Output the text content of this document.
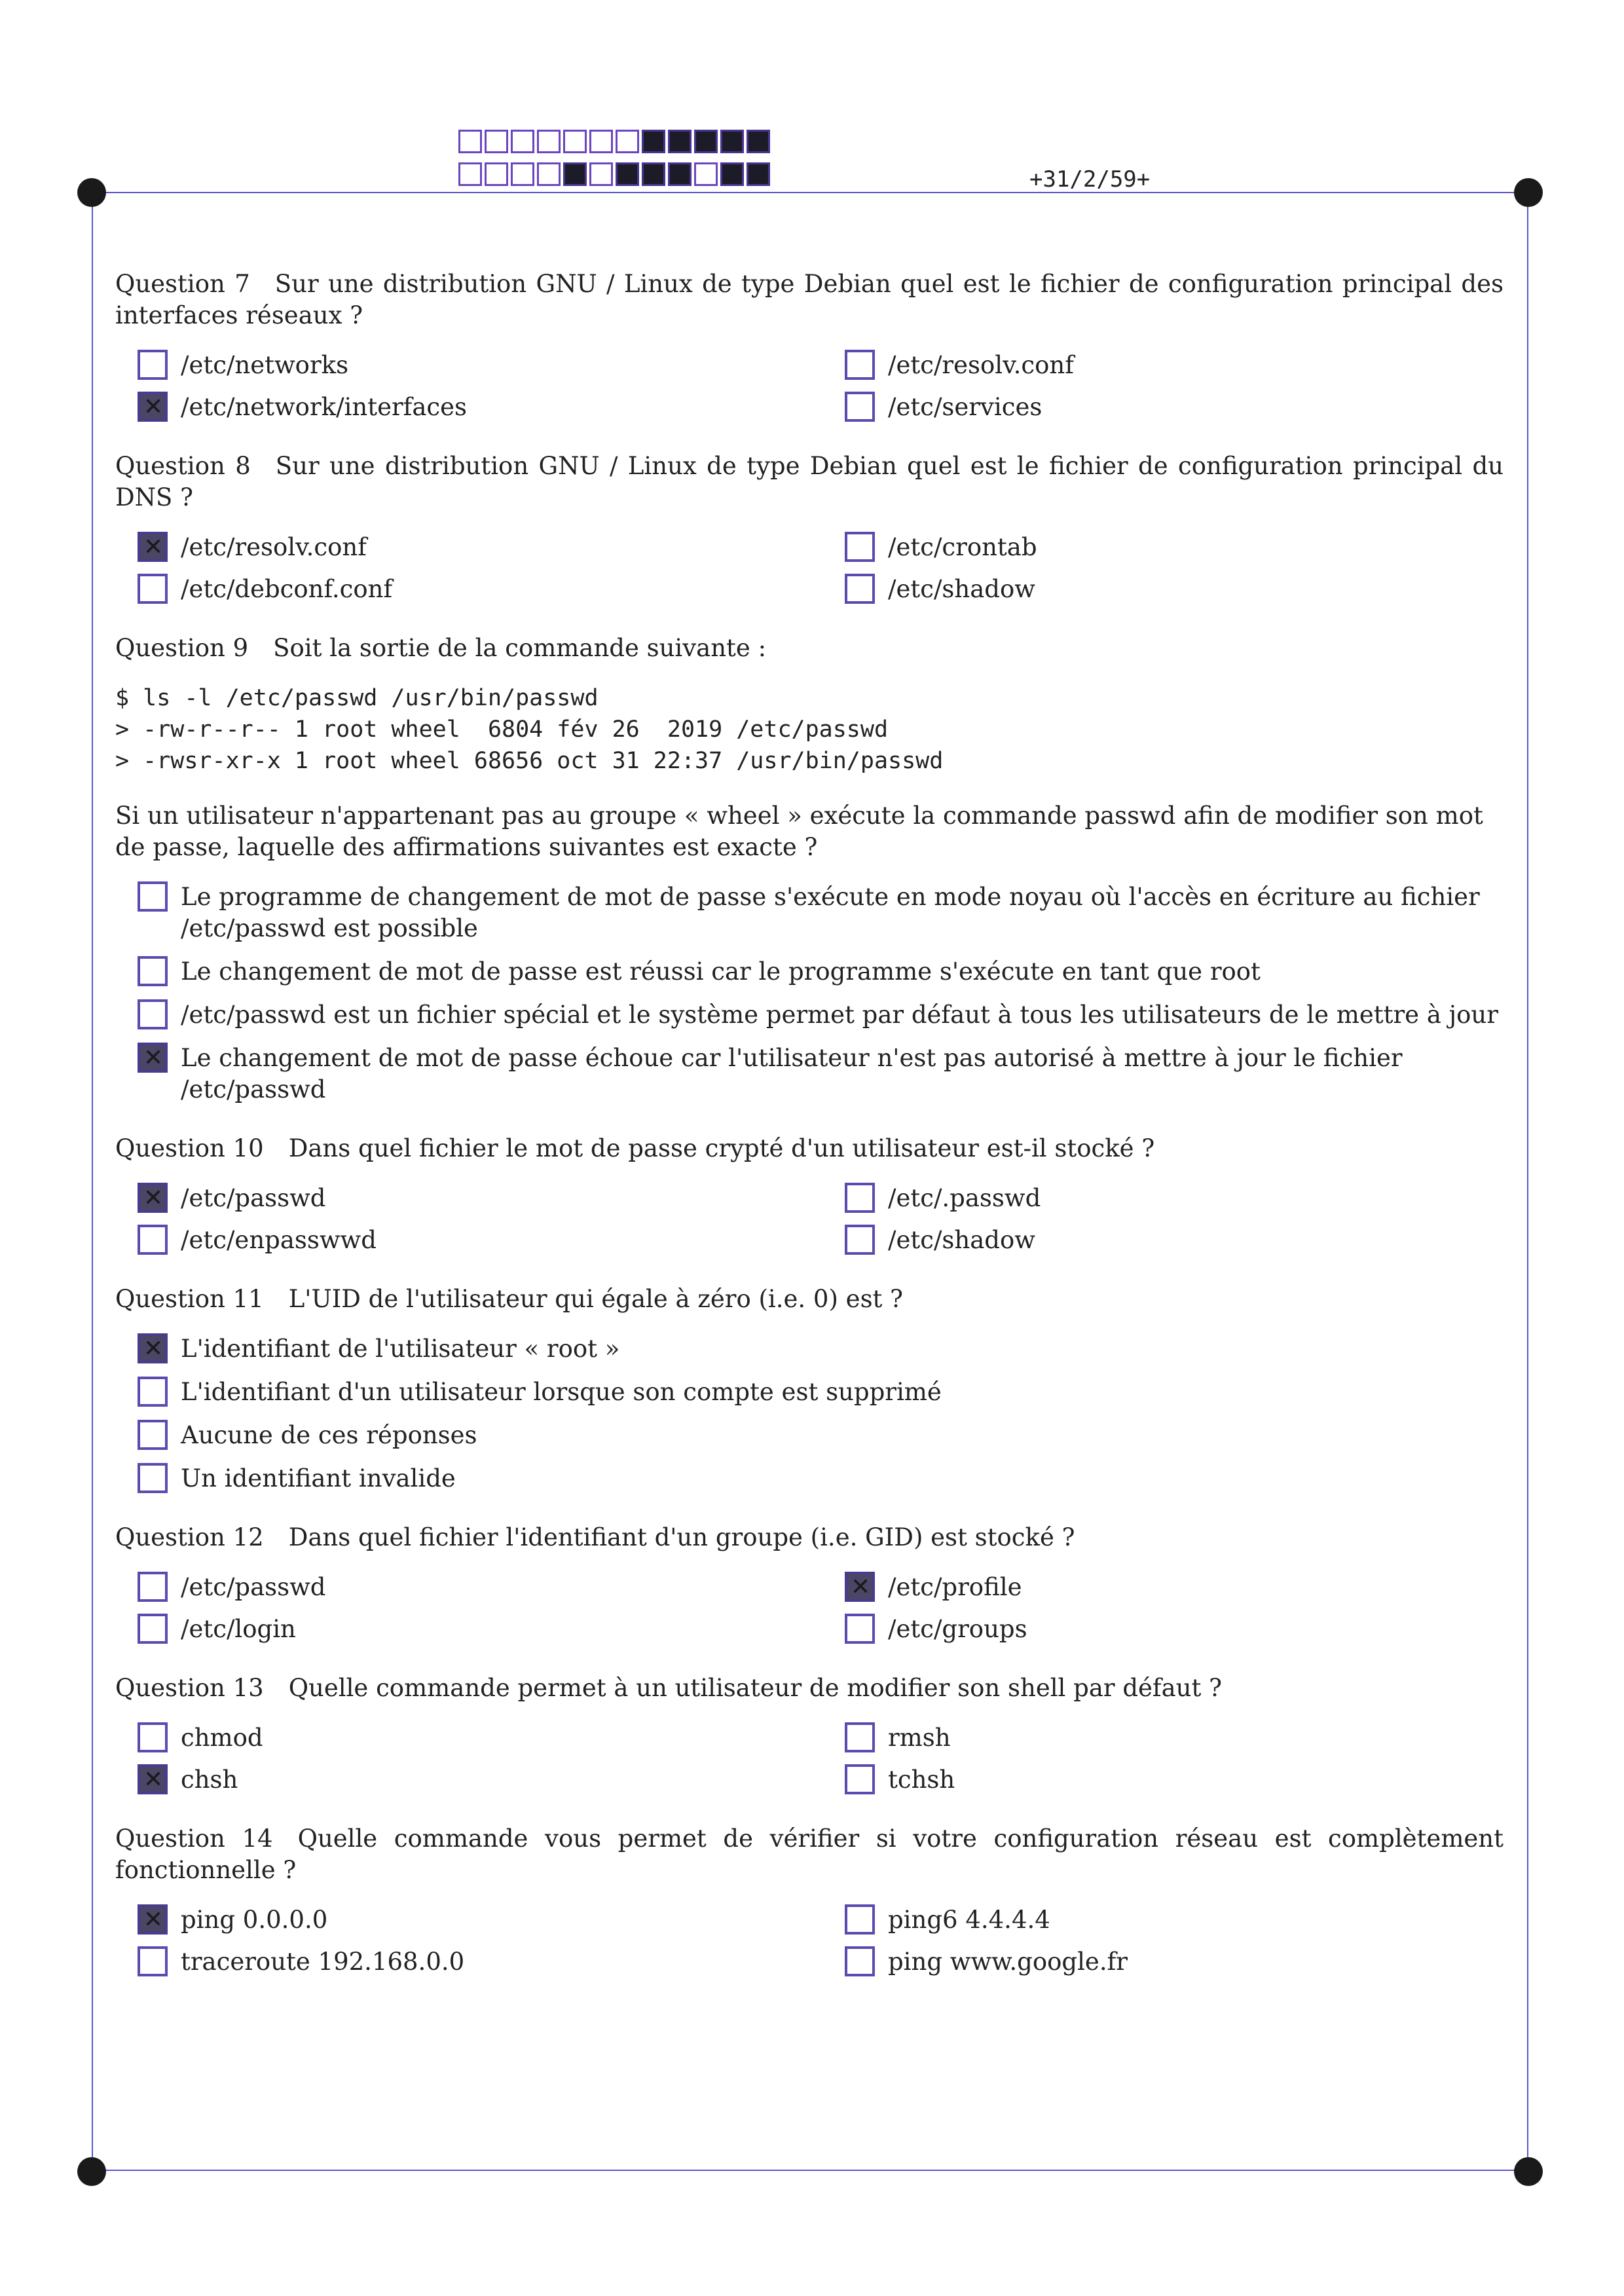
+31/2/59+

Question 7 Sur une distribution GNU / Linux de type Debian quel est le fichier de configuration principal des interfaces réseaux ?

/etc/networks	/etc/resolv.conf
✕
/etc/network/interfaces	/etc/services

Question 8 Sur une distribution GNU / Linux de type Debian quel est le fichier de configuration principal du DNS ?

✕
/etc/resolv.conf	/etc/crontab
/etc/debconf.conf	/etc/shadow

Question 9 Soit la sortie de la commande suivante :

$ ls -l /etc/passwd /usr/bin/passwd
> -rw-r--r-- 1 root wheel  6804 fév 26  2019 /etc/passwd
> -rwsr-xr-x 1 root wheel 68656 oct 31 22:37 /usr/bin/passwd

Si un utilisateur n'appartenant pas au groupe « wheel » exécute la commande passwd afin de modifier son mot de passe, laquelle des affirmations suivantes est exacte ?

Le programme de changement de mot de passe s'exécute en mode noyau où l'accès en écriture au fichier /etc/passwd est possible
Le changement de mot de passe est réussi car le programme s'exécute en tant que root
/etc/passwd est un fichier spécial et le système permet par défaut à tous les utilisateurs de le mettre à jour
✕
Le changement de mot de passe échoue car l'utilisateur n'est pas autorisé à mettre à jour le fichier /etc/passwd

Question 10 Dans quel fichier le mot de passe crypté d'un utilisateur est-il stocké ?

✕
/etc/passwd	/etc/.passwd
/etc/enpasswwd	/etc/shadow

Question 11 L'UID de l'utilisateur qui égale à zéro (i.e. 0) est ?

✕
L'identifiant de l'utilisateur « root »
L'identifiant d'un utilisateur lorsque son compte est supprimé
Aucune de ces réponses
Un identifiant invalide

Question 12 Dans quel fichier l'identifiant d'un groupe (i.e. GID) est stocké ?

/etc/passwd
✕	/etc/profile
/etc/login	/etc/groups

Question 13 Quelle commande permet à un utilisateur de modifier son shell par défaut ?

chmod	rmsh
✕
chsh	tchsh

Question 14 Quelle commande vous permet de vérifier si votre configuration réseau est complètement fonctionnelle ?

✕
ping 0.0.0.0	ping6 4.4.4.4
traceroute 192.168.0.0	ping www.google.fr
